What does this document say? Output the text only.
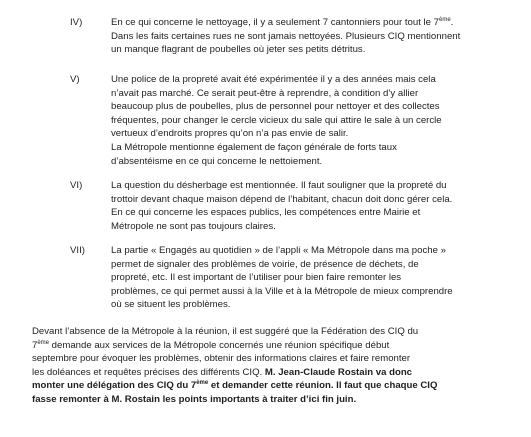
IV)	En ce qui concerne le nettoyage, il y a seulement 7 cantonniers pour tout le 7ème.

Dans les faits certaines rues ne sont jamais nettoyées. Plusieurs CIQ mentionnent

un manque flagrant de poubelles où jeter ses petits détritus.

V)	Une police de la propreté avait été expérimentée il y a des années mais cela

n’avait pas marché. Ce serait peut-être à reprendre, à condition d’y allier

beaucoup plus de poubelles, plus de personnel pour nettoyer et des collectes

fréquentes, pour changer le cercle vicieux du sale qui attire le sale à un cercle

vertueux d’endroits propres qu’on n’a pas envie de salir.

La Métropole mentionne également de façon générale de forts taux

d’absentéisme en ce qui concerne le nettoiement.

VI)	La question du désherbage est mentionnée. Il faut souligner que la propreté du

trottoir devant chaque maison dépend de l’habitant, chacun doit donc gérer cela.

En ce qui concerne les espaces publics, les compétences entre Mairie et

Métropole ne sont pas toujours claires.

VII)	La partie « Engagés au quotidien » de l’appli « Ma Métropole dans ma poche »

permet de signaler des problèmes de voirie, de présence de déchets, de

propreté, etc. Il est important de l’utiliser pour bien faire remonter les

problèmes, ce qui permet aussi à la Ville et à la Métropole de mieux comprendre

où se situent les problèmes.

Devant l’absence de la Métropole à la réunion, il est suggéré que la Fédération des CIQ du

7ème demande aux services de la Métropole concernés une réunion spécifique début

septembre pour évoquer les problèmes, obtenir des informations claires et faire remonter

les doléances et requêtes précises des différents CIQ. M. Jean-Claude Rostain va donc

monter une délégation des CIQ du 7ème et demander cette réunion. Il faut que chaque CIQ

fasse remonter à M. Rostain les points importants à traiter d’ici fin juin.
